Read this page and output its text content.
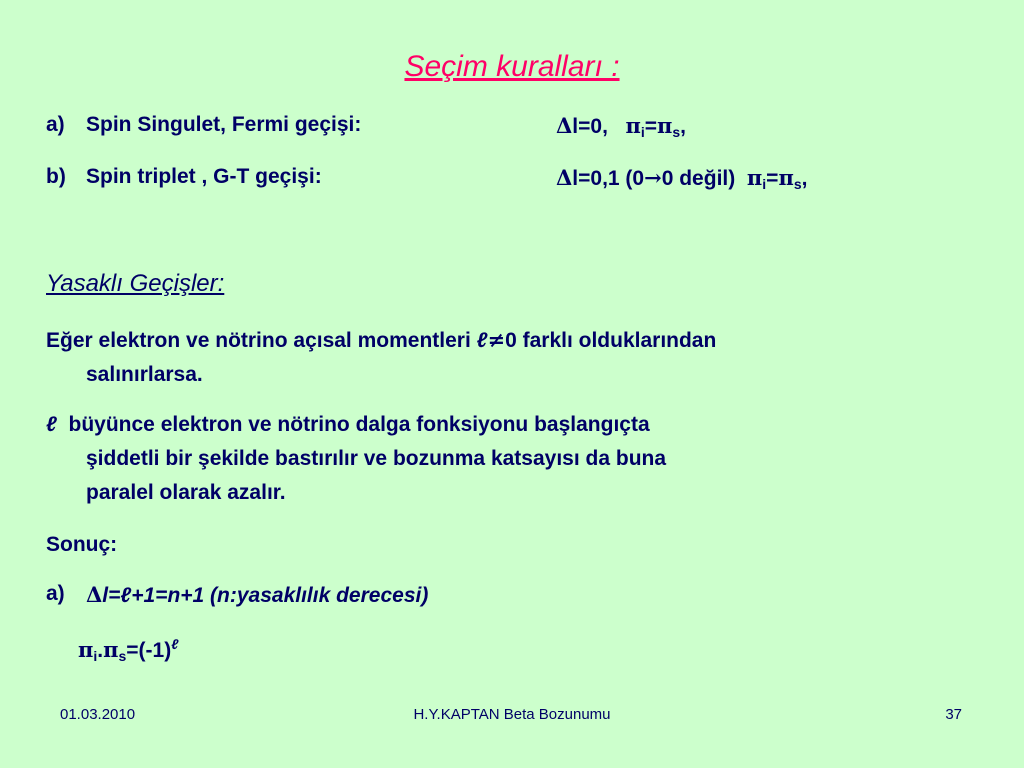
Seçim kuralları :
a) Spin Singulet, Fermi geçişi:	Δl=0, $\pi_i=\pi_s$,
b) Spin triplet , G-T geçişi:	Δl=0,1 (0→0 değil) $\pi_i=\pi_s$,
Yasaklı Geçişler:
Eğer elektron ve nötrino açısal momentleri ℓ≠0 farklı olduklarından
salınırlarsa.
ℓ büyünce elektron ve nötrino dalga fonksiyonu başlangıçta
şiddetli bir şekilde bastırılır ve bozunma katsayısı da buna
paralel olarak azalır.
Sonuç:
a) Δl=ℓ+1=n+1 (n:yasaklılık derecesi)
$\pi_i.\pi_s=(-1)^\ell$
01.03.2010	H.Y.KAPTAN Beta Bozunumu	37
